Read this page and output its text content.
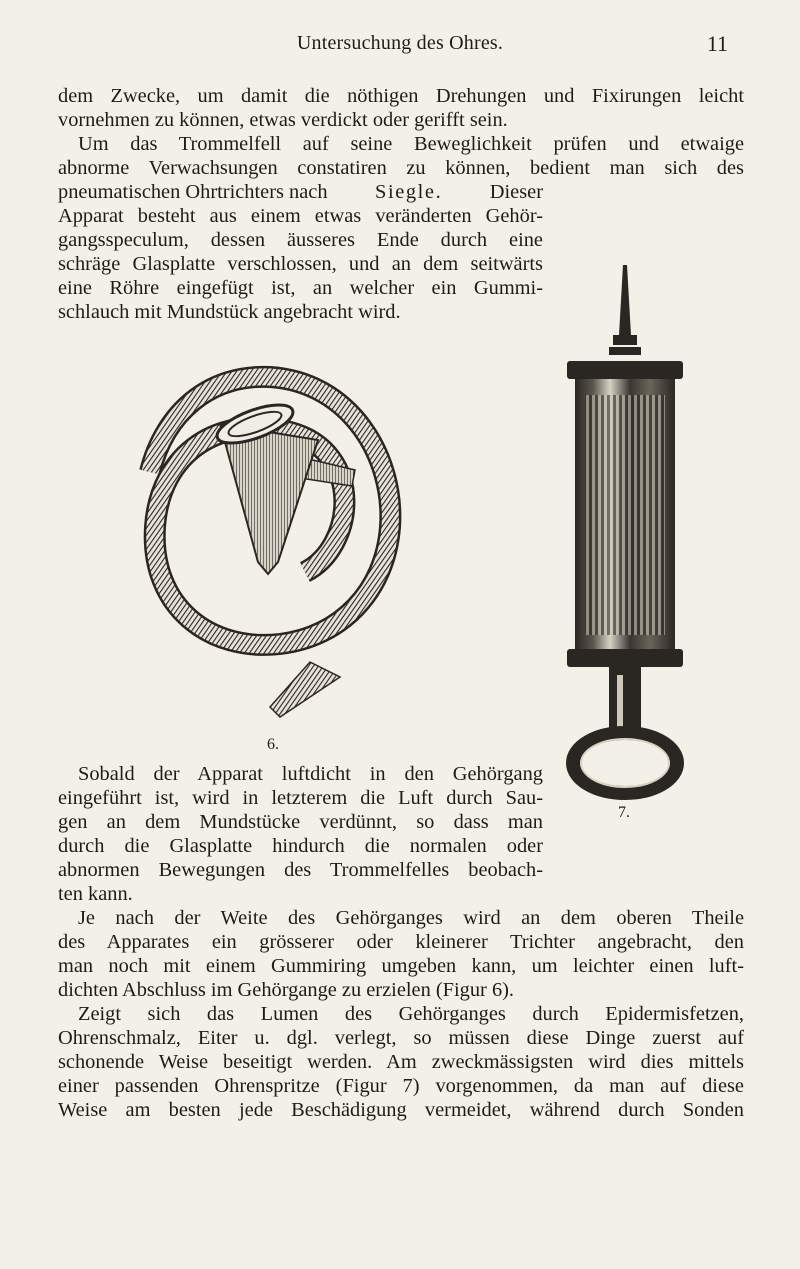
Untersuchung des Ohres.	11
dem Zwecke, um damit die nöthigen Drehungen und Fixirungen leicht
vornehmen zu können, etwas verdickt oder gerifft sein.
Um das Trommelfell auf seine Beweglichkeit prüfen und etwaige
abnorme Verwachsungen constatiren zu können, bedient man sich des
pneumatischen Ohrtrichters nach Siegle. Dieser
Apparat besteht aus einem etwas veränderten Gehör-
gangsspeculum, dessen äusseres Ende durch eine
schräge Glasplatte verschlossen, und an dem seitwärts
eine Röhre eingefügt ist, an welcher ein Gummi-
schlauch mit Mundstück angebracht wird.
6.
7.
Sobald der Apparat luftdicht in den Gehörgang
eingeführt ist, wird in letzterem die Luft durch Sau-
gen an dem Mundstücke verdünnt, so dass man
durch die Glasplatte hindurch die normalen oder
abnormen Bewegungen des Trommelfelles beobach-
ten kann.
Je nach der Weite des Gehörganges wird an dem oberen Theile
des Apparates ein grösserer oder kleinerer Trichter angebracht, den
man noch mit einem Gummiring umgeben kann, um leichter einen luft-
dichten Abschluss im Gehörgange zu erzielen (Figur 6).
Zeigt sich das Lumen des Gehörganges durch Epidermisfetzen,
Ohrenschmalz, Eiter u. dgl. verlegt, so müssen diese Dinge zuerst auf
schonende Weise beseitigt werden. Am zweckmässigsten wird dies mittels
einer passenden Ohrenspritze (Figur 7) vorgenommen, da man auf diese
Weise am besten jede Beschädigung vermeidet, während durch Sonden
